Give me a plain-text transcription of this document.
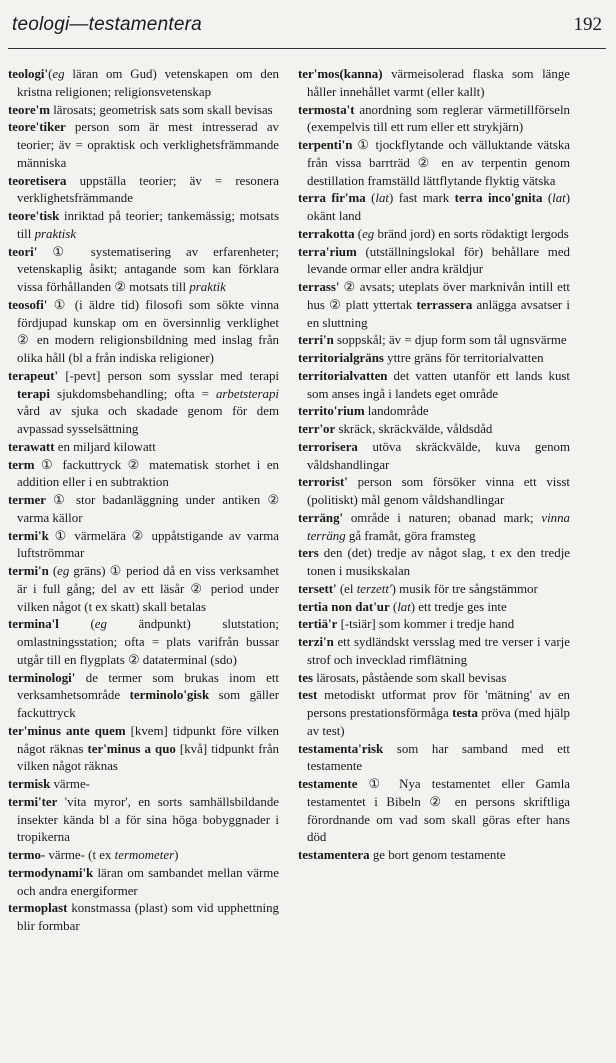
teologi—testamentera	192
teologi'(eg läran om Gud) vetenskapen om den kristna religionen; religionsvetenskap
teore'm lärosats; geometrisk sats som skall bevisas
teore'tiker person som är mest intresserad av teorier; äv = opraktisk och verklighetsfrämmande människa
teoretisera uppställa teorier; äv = resonera verklighetsfrämmande
teore'tisk inriktad på teorier; tankemässig; motsats till praktisk
teori' ① systematisering av erfarenheter; vetenskaplig åsikt; antagande som kan förklara vissa förhållanden ② motsats till praktik
teosofi' ① (i äldre tid) filosofi som sökte vinna fördjupad kunskap om en översinnlig verklighet ② en modern religionsbildning med inslag från olika håll (bl a från indiska religioner)
terapeut' [-pevt] person som sysslar med terapi terapi sjukdomsbehandling; ofta = arbetsterapi vård av sjuka och skadade genom för dem avpassad sysselsättning
terawatt en miljard kilowatt
term ① fackuttryck ② matematisk storhet i en addition eller i en subtraktion
termer ① stor badanläggning under antiken ② varma källor
termi'k ① värmelära ② uppåtstigande av varma luftströmmar
termi'n (eg gräns) ① period då en viss verksamhet är i full gång; del av ett läsår ② period under vilken något (t ex skatt) skall betalas
termina'l (eg ändpunkt) slutstation; omlastningsstation; ofta = plats varifrån bussar utgår till en flygplats ② dataterminal (sdo)
terminologi' de termer som brukas inom ett verksamhetsområde terminolo'gisk som gäller fackuttryck
ter'minus ante quem [kvem] tidpunkt före vilken något räknas ter'minus a quo [kvå] tidpunkt från vilken något räknas
termisk värme-
termi'ter 'vita myror', en sorts samhällsbildande insekter kända bl a för sina höga bobyggnader i tropikerna
termo- värme- (t ex termometer)
termodynami'k läran om sambandet mellan värme och andra energiformer
termoplast konstmassa (plast) som vid upphettning blir formbar
ter'mos(kanna) värmeisolerad flaska som länge håller innehållet varmt (eller kallt)
termosta't anordning som reglerar värmetillförseln (exempelvis till ett rum eller ett strykjärn)
terpenti'n ① tjockflytande och välluktande vätska från vissa barrträd ② en av terpentin genom destillation framställd lättflytande flyktig vätska
terra fir'ma (lat) fast mark terra inco'gnita (lat) okänt land
terrakotta (eg bränd jord) en sorts rödaktigt lergods
terra'rium (utställningslokal för) behållare med levande ormar eller andra kräldjur
terrass' ② avsats; uteplats över marknivån intill ett hus ② platt yttertak terrassera anlägga avsatser i en sluttning
terri'n soppskål; äv = djup form som tål ugnsvärme
territorialgräns yttre gräns för territorialvatten
territorialvatten det vatten utanför ett lands kust som anses ingå i landets eget område
territo'rium landområde
terr'or skräck, skräckvälde, våldsdåd
terrorisera utöva skräckvälde, kuva genom våldshandlingar
terrorist' person som försöker vinna ett visst (politiskt) mål genom våldshandlingar
terräng' område i naturen; obanad mark; vinna terräng gå framåt, göra framsteg
ters den (det) tredje av något slag, t ex den tredje tonen i musikskalan
tersett' (el terzett') musik för tre sångstämmor
tertia non dat'ur (lat) ett tredje ges inte
tertiä'r [-tsiär] som kommer i tredje hand
terzi'n ett sydländskt versslag med tre verser i varje strof och invecklad rimflätning
tes lärosats, påstående som skall bevisas
test metodiskt utformat prov för 'mätning' av en persons prestationsförmåga testa pröva (med hjälp av test)
testamenta'risk som har samband med ett testamente
testamente ① Nya testamentet eller Gamla testamentet i Bibeln ② en persons skriftliga förordnande om vad som skall göras efter hans död
testamentera ge bort genom testamente
